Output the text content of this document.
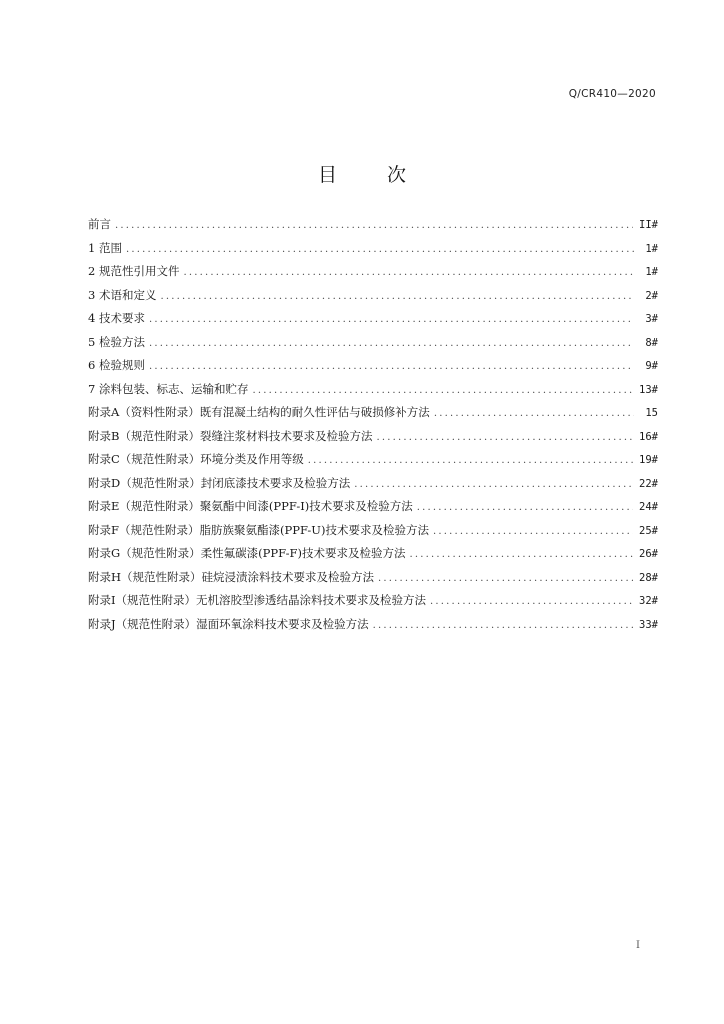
Q/CR410—2020
目 次
前言 .....	II#
1 范围 .....	1#
2 规范性引用文件 .....	1#
3 术语和定义 .....	2#
4 技术要求 .....	3#
5 检验方法 .....	8#
6 检验规则 .....	9#
7 涂料包装、标志、运输和贮存 .....	13#
附录A（资料性附录）既有混凝土结构的耐久性评估与破损修补方法 .....	15
附录B（规范性附录）裂缝注浆材料技术要求及检验方法 .....	16#
附录C（规范性附录）环境分类及作用等级 .....	19#
附录D（规范性附录）封闭底漆技术要求及检验方法 .....	22#
附录E（规范性附录）聚氨酯中间漆(PPF-I)技术要求及检验方法 .....	24#
附录F（规范性附录）脂肪族聚氨酯漆(PPF-U)技术要求及检验方法 .....	25#
附录G（规范性附录）柔性氟碳漆(PPF-F)技术要求及检验方法 .....	26#
附录H（规范性附录）硅烷浸渍涂料技术要求及检验方法 .....	28#
附录I（规范性附录）无机溶胶型渗透结晶涂料技术要求及检验方法 .....	32#
附录J（规范性附录）湿面环氧涂料技术要求及检验方法 .....	33#
I
